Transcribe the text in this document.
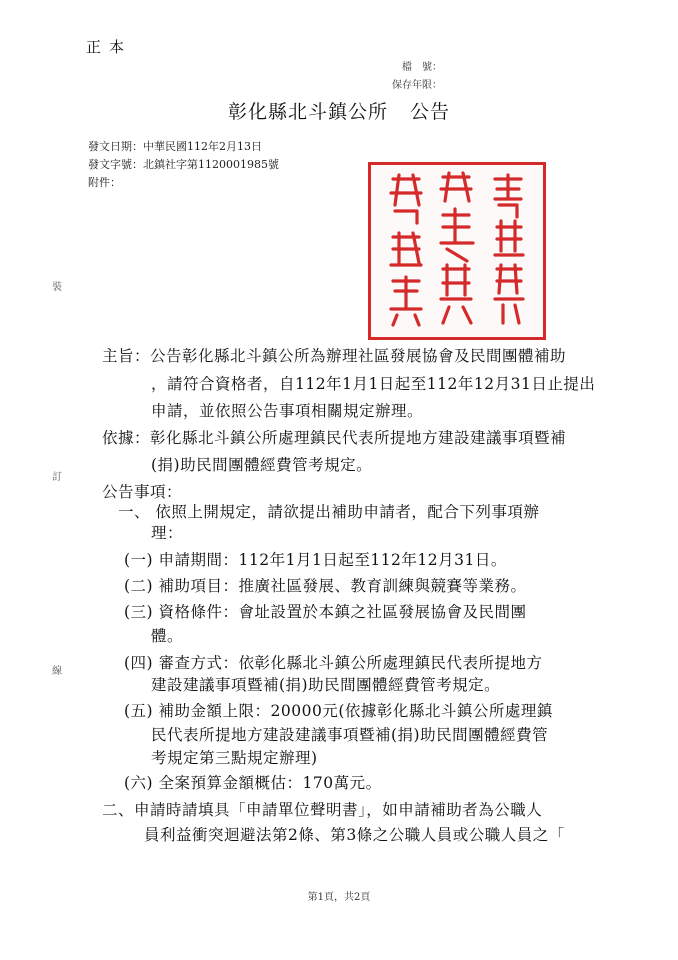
正本
檔　號：
保存年限：
彰化縣北斗鎮公所 公告
發文日期：中華民國112年2月13日
發文字號：北鎮社字第1120001985號
附件：
裝
訂
線
主旨：公告彰化縣北斗鎮公所為辦理社區發展協會及民間團體補助
，請符合資格者，自112年1月1日起至112年12月31日止提出
申請，並依照公告事項相關規定辦理。
依據：彰化縣北斗鎮公所處理鎮民代表所提地方建設建議事項暨補
(捐)助民間團體經費管考規定。
公告事項：
一、 依照上開規定，請欲提出補助申請者，配合下列事項辦
理：
(一) 申請期間：112年1月1日起至112年12月31日。
(二) 補助項目：推廣社區發展、教育訓練與競賽等業務。
(三) 資格條件：會址設置於本鎮之社區發展協會及民間團
體。
(四) 審查方式：依彰化縣北斗鎮公所處理鎮民代表所提地方
建設建議事項暨補(捐)助民間團體經費管考規定。
(五) 補助金額上限：20000元(依據彰化縣北斗鎮公所處理鎮
民代表所提地方建設建議事項暨補(捐)助民間團體經費管
考規定第三點規定辦理)
(六) 全案預算金額概估：170萬元。
二、申請時請填具「申請單位聲明書」，如申請補助者為公職人
員利益衝突迴避法第2條、第3條之公職人員或公職人員之「
第1頁，共2頁
